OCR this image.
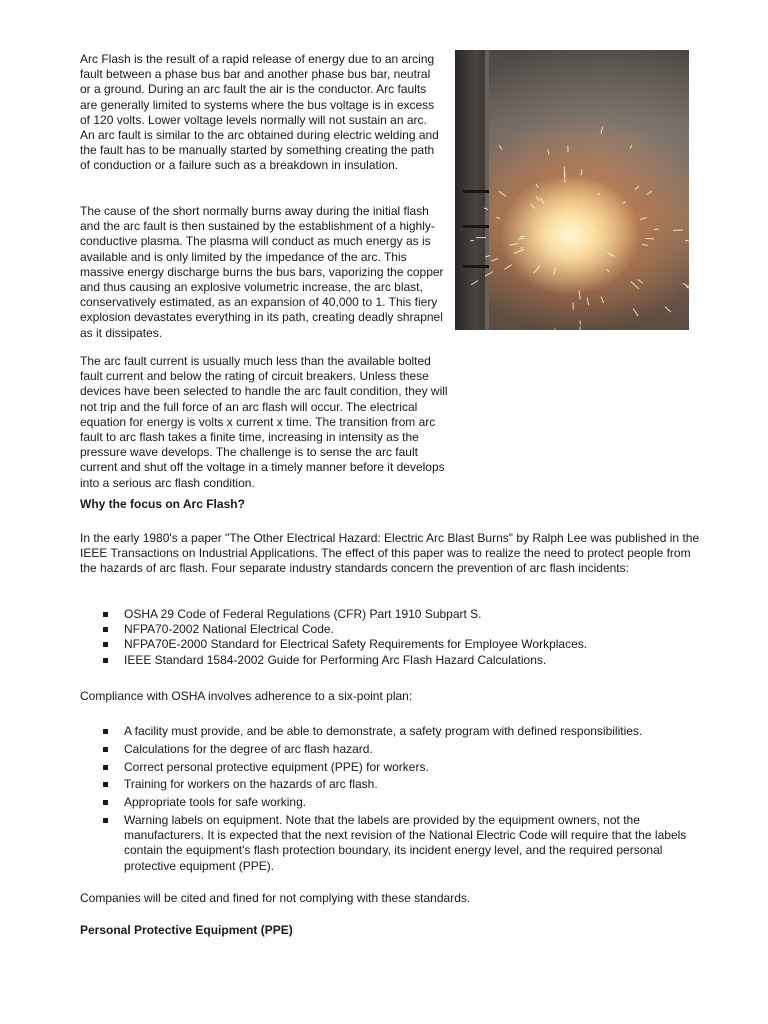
Arc Flash is the result of a rapid release of energy due to an arcing fault between a phase bus bar and another phase bus bar, neutral or a ground. During an arc fault the air is the conductor. Arc faults are generally limited to systems where the bus voltage is in excess of 120 volts. Lower voltage levels normally will not sustain an arc. An arc fault is similar to the arc obtained during electric welding and the fault has to be manually started by something creating the path of conduction or a failure such as a breakdown in insulation.

The cause of the short normally burns away during the initial flash and the arc fault is then sustained by the establishment of a highly-conductive plasma. The plasma will conduct as much energy as is available and is only limited by the impedance of the arc. This massive energy discharge burns the bus bars, vaporizing the copper and thus causing an explosive volumetric increase, the arc blast, conservatively estimated, as an expansion of 40,000 to 1. This fiery explosion devastates everything in its path, creating deadly shrapnel as it dissipates.

The arc fault current is usually much less than the available bolted fault current and below the rating of circuit breakers. Unless these devices have been selected to handle the arc fault condition, they will not trip and the full force of an arc flash will occur. The electrical equation for energy is volts x current x time. The transition from arc fault to arc flash takes a finite time, increasing in intensity as the pressure wave develops. The challenge is to sense the arc fault current and shut off the voltage in a timely manner before it develops into a serious arc flash condition.

Why the focus on Arc Flash?

In the early 1980's a paper "The Other Electrical Hazard: Electric Arc Blast Burns" by Ralph Lee was published in the IEEE Transactions on Industrial Applications. The effect of this paper was to realize the need to protect people from the hazards of arc flash. Four separate industry standards concern the prevention of arc flash incidents:

OSHA 29 Code of Federal Regulations (CFR) Part 1910 Subpart S.
NFPA70-2002 National Electrical Code.
NFPA70E-2000 Standard for Electrical Safety Requirements for Employee Workplaces.
IEEE Standard 1584-2002 Guide for Performing Arc Flash Hazard Calculations.

Compliance with OSHA involves adherence to a six-point plan:

A facility must provide, and be able to demonstrate, a safety program with defined responsibilities.
Calculations for the degree of arc flash hazard.
Correct personal protective equipment (PPE) for workers.
Training for workers on the hazards of arc flash.
Appropriate tools for safe working.
Warning labels on equipment. Note that the labels are provided by the equipment owners, not the manufacturers. It is expected that the next revision of the National Electric Code will require that the labels contain the equipment's flash protection boundary, its incident energy level, and the required personal protective equipment (PPE).

Companies will be cited and fined for not complying with these standards.

Personal Protective Equipment (PPE)
